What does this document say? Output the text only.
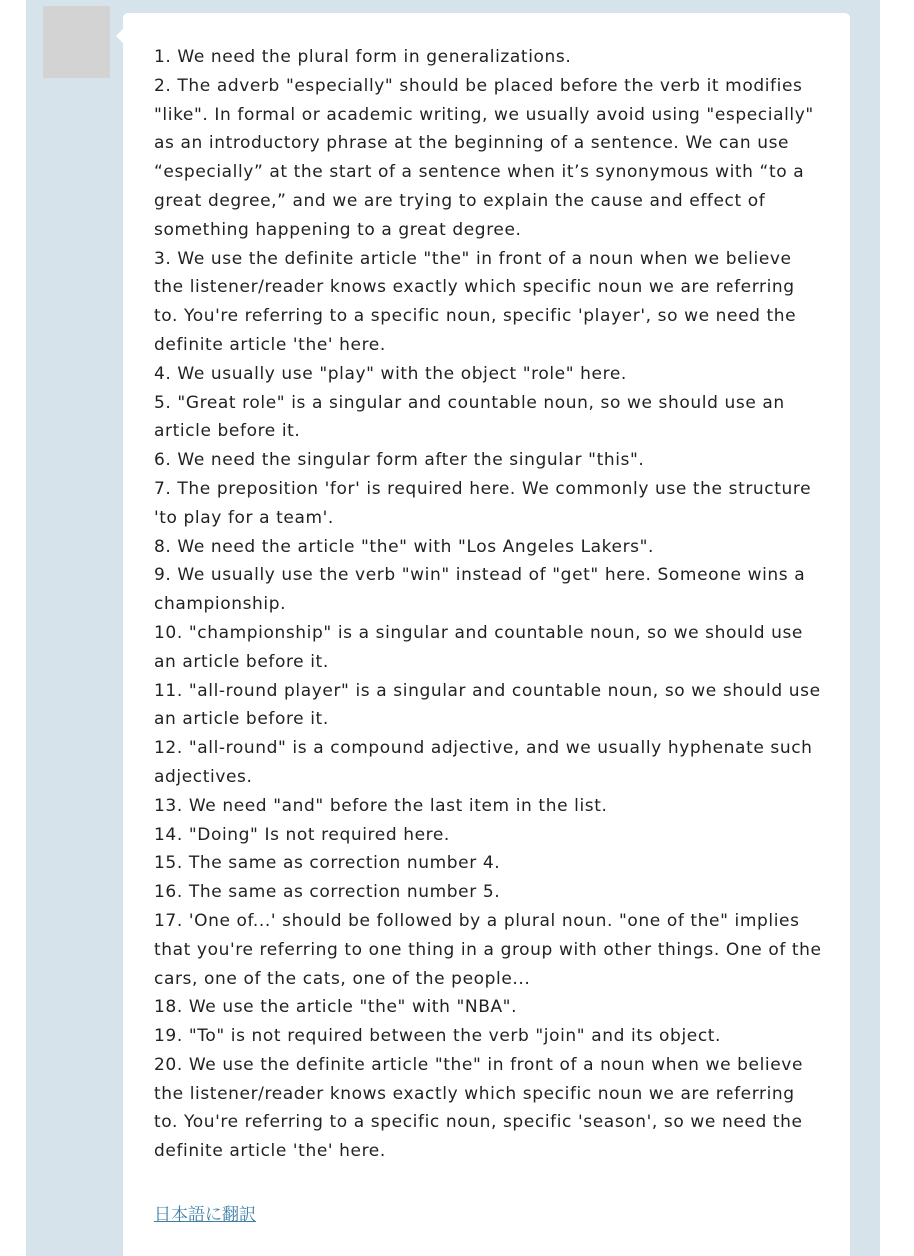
1. We need the plural form in generalizations.

2. The adverb "especially" should be placed before the verb it modifies "like". In formal or academic writing, we usually avoid using "especially" as an introductory phrase at the beginning of a sentence. We can use “especially” at the start of a sentence when it’s synonymous with “to a great degree,” and we are trying to explain the cause and effect of something happening to a great degree.

3. We use the definite article "the" in front of a noun when we believe the listener/reader knows exactly which specific noun we are referring to. You're referring to a specific noun, specific 'player', so we need the definite article 'the' here.

4. We usually use "play" with the object "role" here.

5. "Great role" is a singular and countable noun, so we should use an article before it.

6. We need the singular form after the singular "this".

7. The preposition 'for' is required here. We commonly use the structure 'to play for a team'.

8. We need the article "the" with "Los Angeles Lakers".

9. We usually use the verb "win" instead of "get" here. Someone wins a championship.

10. "championship" is a singular and countable noun, so we should use an article before it.

11. "all-round player" is a singular and countable noun, so we should use an article before it.

12. "all-round" is a compound adjective, and we usually hyphenate such adjectives.

13. We need "and" before the last item in the list.

14. "Doing" Is not required here.

15. The same as correction number 4.

16. The same as correction number 5.

17. 'One of...' should be followed by a plural noun. "one of the" implies that you're referring to one thing in a group with other things. One of the cars, one of the cats, one of the people...

18. We use the article "the" with "NBA".

19. "To" is not required between the verb "join" and its object.

20. We use the definite article "the" in front of a noun when we believe the listener/reader knows exactly which specific noun we are referring to. You're referring to a specific noun, specific 'season', so we need the definite article 'the' here.

日本語に翻訳
